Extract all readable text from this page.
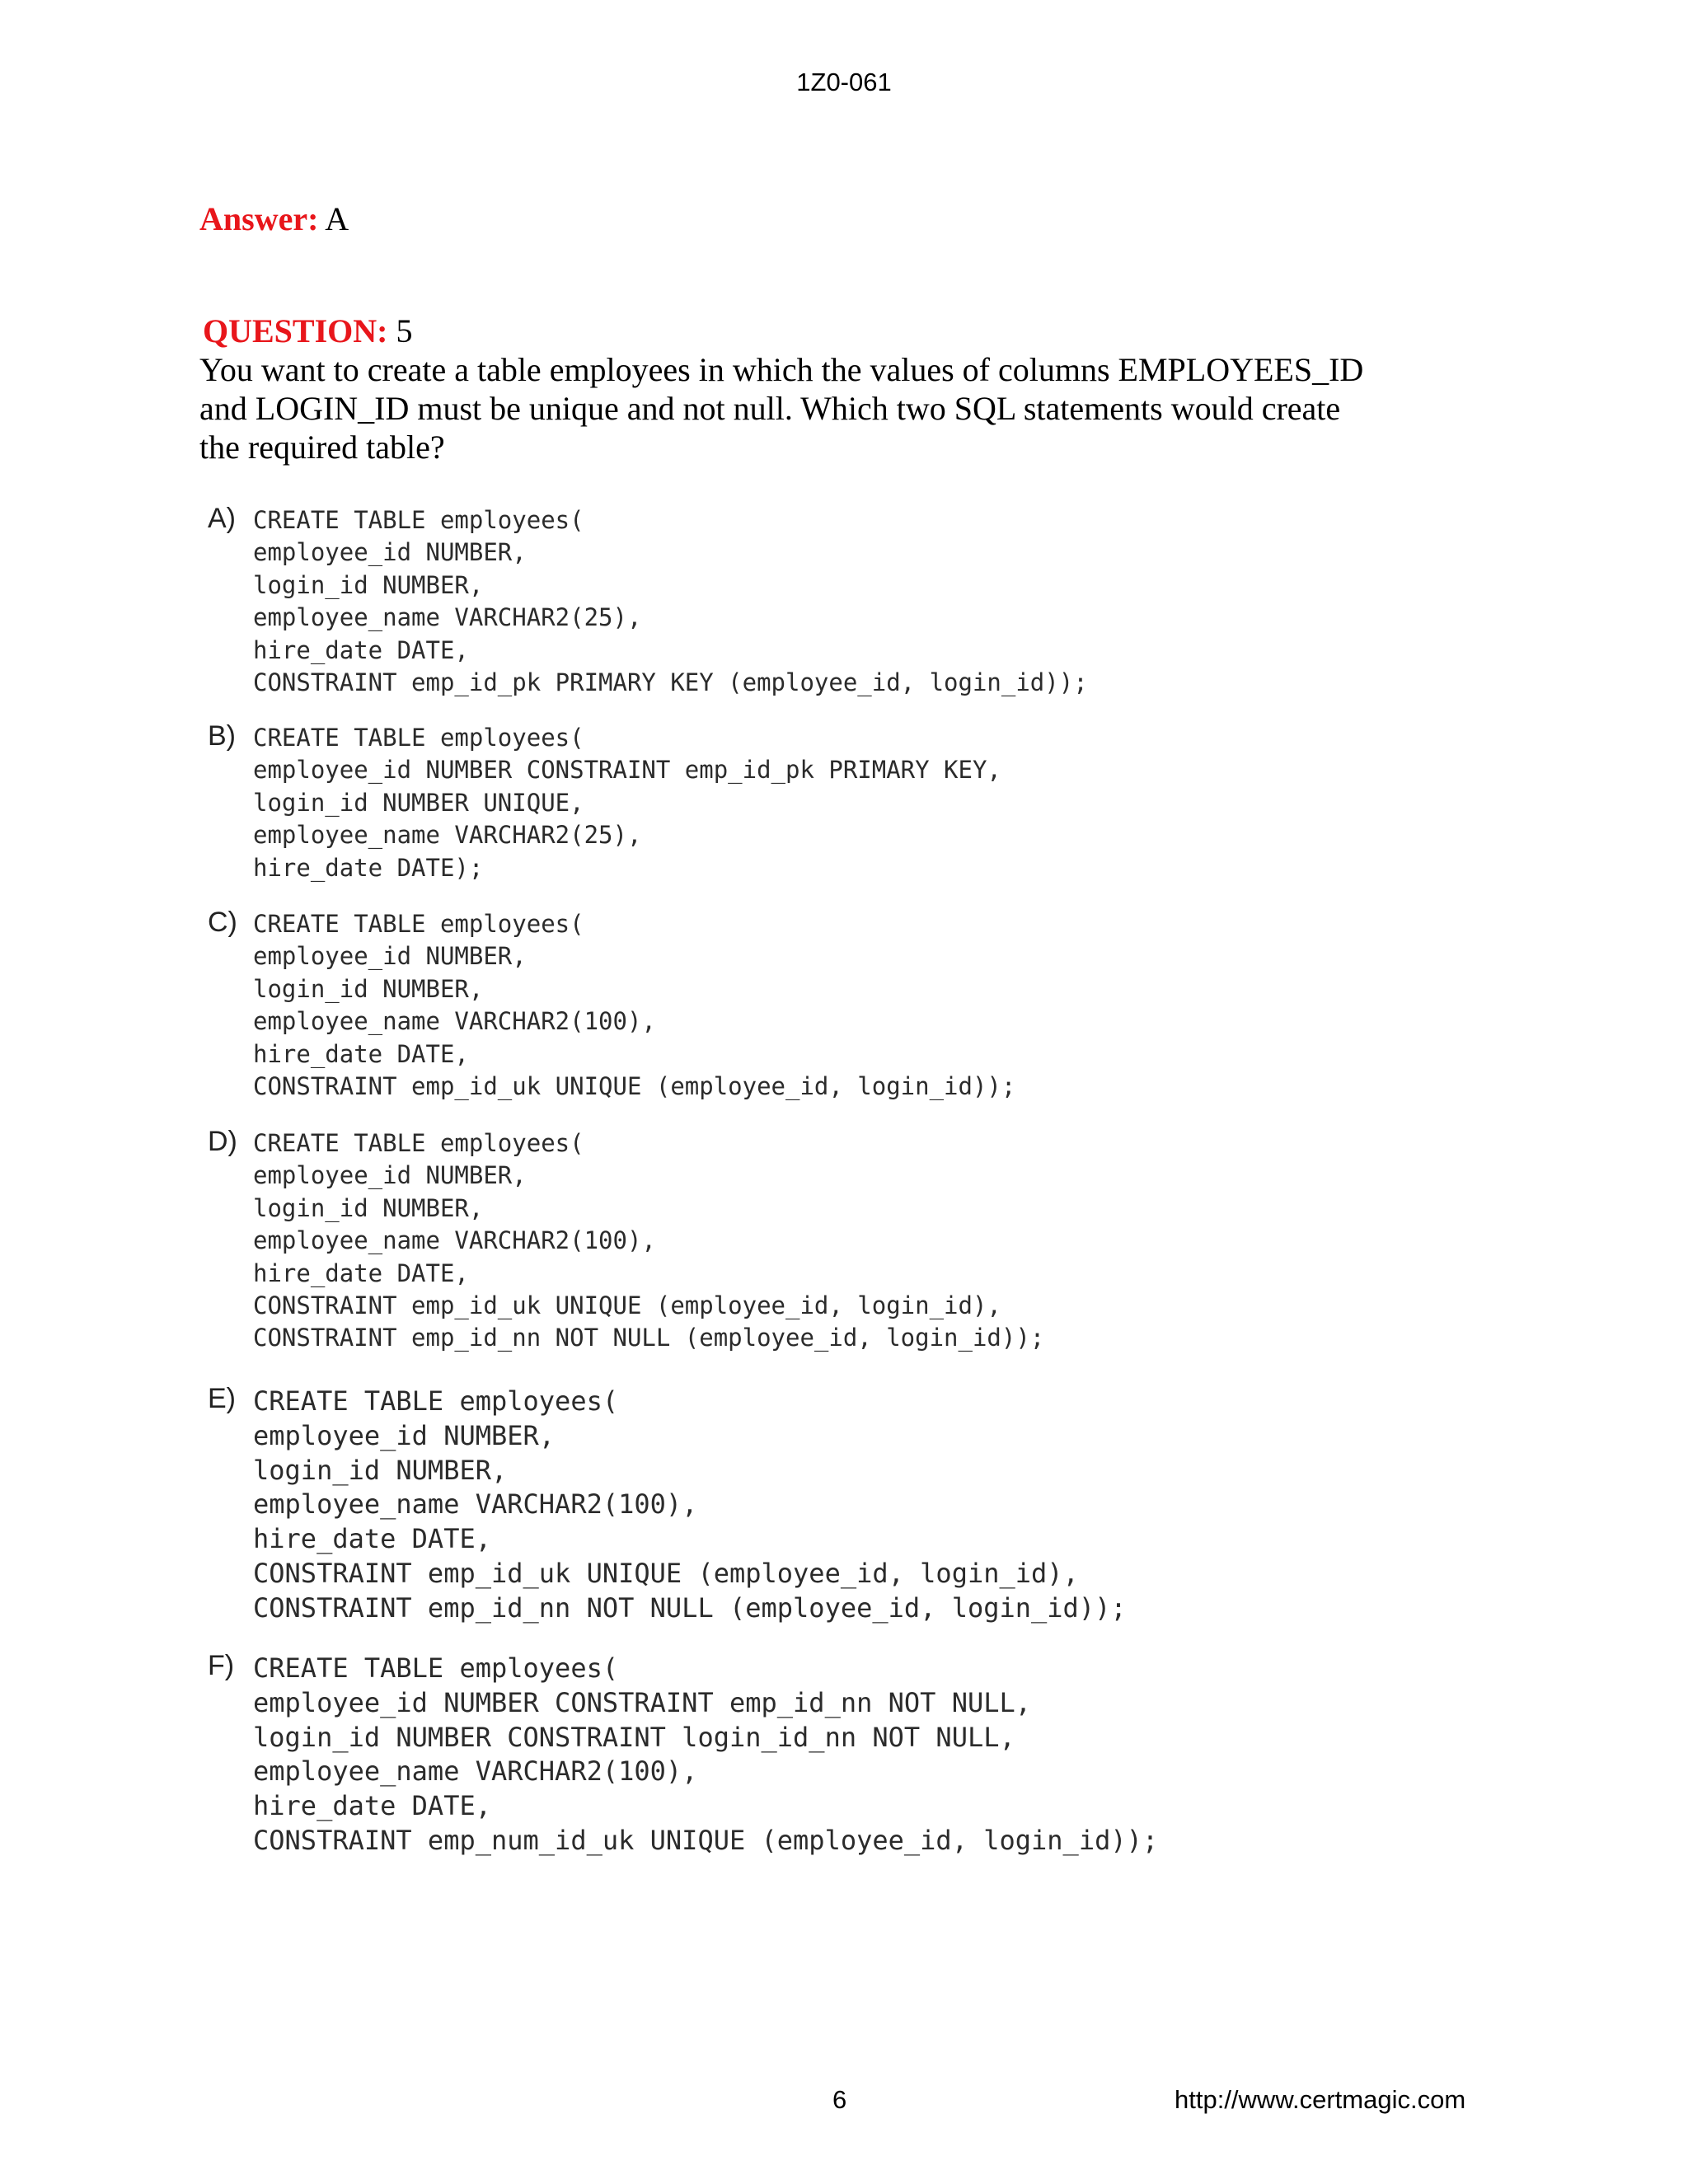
1Z0-061
Answer: A
QUESTION: 5
You want to create a table employees in which the values of columns EMPLOYEES_ID
and LOGIN_ID must be unique and not null. Which two SQL statements would create
the required table?
A) CREATE TABLE employees(
employee_id NUMBER,
login_id NUMBER,
employee_name VARCHAR2(25),
hire_date DATE,
CONSTRAINT emp_id_pk PRIMARY KEY (employee_id, login_id));
B) CREATE TABLE employees(
employee_id NUMBER CONSTRAINT emp_id_pk PRIMARY KEY,
login_id NUMBER UNIQUE,
employee_name VARCHAR2(25),
hire_date DATE);
C) CREATE TABLE employees(
employee_id NUMBER,
login_id NUMBER,
employee_name VARCHAR2(100),
hire_date DATE,
CONSTRAINT emp_id_uk UNIQUE (employee_id, login_id));
D) CREATE TABLE employees(
employee_id NUMBER,
login_id NUMBER,
employee_name VARCHAR2(100),
hire_date DATE,
CONSTRAINT emp_id_uk UNIQUE (employee_id, login_id),
CONSTRAINT emp_id_nn NOT NULL (employee_id, login_id));
E) CREATE TABLE employees(
employee_id NUMBER,
login_id NUMBER,
employee_name VARCHAR2(100),
hire_date DATE,
CONSTRAINT emp_id_uk UNIQUE (employee_id, login_id),
CONSTRAINT emp_id_nn NOT NULL (employee_id, login_id));
F) CREATE TABLE employees(
employee_id NUMBER CONSTRAINT emp_id_nn NOT NULL,
login_id NUMBER CONSTRAINT login_id_nn NOT NULL,
employee_name VARCHAR2(100),
hire_date DATE,
CONSTRAINT emp_num_id_uk UNIQUE (employee_id, login_id));
6	http://www.certmagic.com
